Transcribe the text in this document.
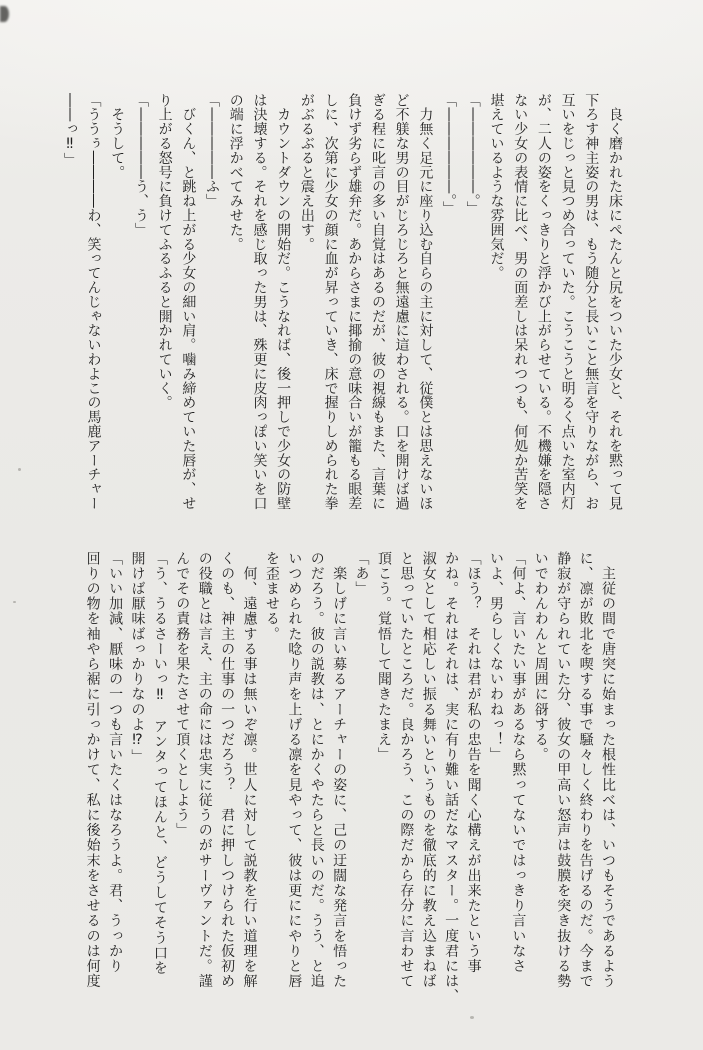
　良く磨かれた床にぺたんと尻をついた少女と、それを黙って見

下ろす神主姿の男は、もう随分と長いこと無言を守りながら、お

互いをじっと見つめ合っていた。こうこうと明るく点いた室内灯

が、二人の姿をくっきりと浮かび上がらせている。不機嫌を隠さ

ない少女の表情に比べ、男の面差しは呆れつつも、何処か苦笑を

堪えているような雰囲気だ。

「――――――。」

「――――――。」

　力無く足元に座り込む自らの主に対して、従僕とは思えないほ

ど不躾な男の目がじろじろと無遠慮に這わされる。口を開けば過

ぎる程に叱言の多い自覚はあるのだが、彼の視線もまた、言葉に

負けず劣らず雄弁だ。あからさまに揶揄の意味合いが籠もる眼差

しに、次第に少女の顔に血が昇っていき、床で握りしめられた拳

がぶるぶると震え出す。

　カウントダウンの開始だ。こうなれば、後一押しで少女の防壁

は決壊する。それを感じ取った男は、殊更に皮肉っぽい笑いを口

の端に浮かべてみせた。

「―――――ふ」

　びくん、と跳ね上がる少女の細い肩。噛み締めていた唇が、せ

り上がる怒号に負けてふるふると開かれていく。

「―――――う、う」

　そうして。

「ううぅ――――わ、笑ってんじゃないわよこの馬鹿アーチャー

――っ‼」

　主従の間で唐突に始まった根性比べは、いつもそうであるよう

に、凛が敗北を喫する事で騒々しく終わりを告げるのだ。今まで

静寂が守られていた分、彼女の甲高い怒声は鼓膜を突き抜ける勢

いでわんわんと周囲に谺する。

「何よ、言いたい事があるなら黙ってないではっきり言いなさ

いよ、男らしくないわねっ！」

「ほう？　それは君が私の忠告を聞く心構えが出来たという事

かね。それはそれは、実に有り難い話だなマスター。一度君には、

淑女として相応しい振る舞いというものを徹底的に教え込まねば

と思っていたところだ。良かろう、この際だから存分に言わせて

頂こう。覚悟して聞きたまえ」

「あ」

　楽しげに言い募るアーチャーの姿に、己の迂闊な発言を悟った

のだろう。彼の説教は、とにかくやたらと長いのだ。うう、と追

いつめられた唸り声を上げる凛を見やって、彼は更ににやりと唇

を歪ませる。

　何、遠慮する事は無いぞ凛。世人に対して説教を行い道理を解

くのも、神主の仕事の一つだろう？　君に押しつけられた仮初め

の役職とは言え、主の命には忠実に従うのがサーヴァントだ。謹

んでその責務を果たさせて頂くとしよう」

「う、うるさーいっ‼　アンタってほんと、どうしてそう口を

開けば厭味ばっかりなのよ⁉」

「いい加減、厭味の一つも言いたくはなろうよ。君、うっかり

回りの物を袖やら裾に引っかけて、私に後始末をさせるのは何度
